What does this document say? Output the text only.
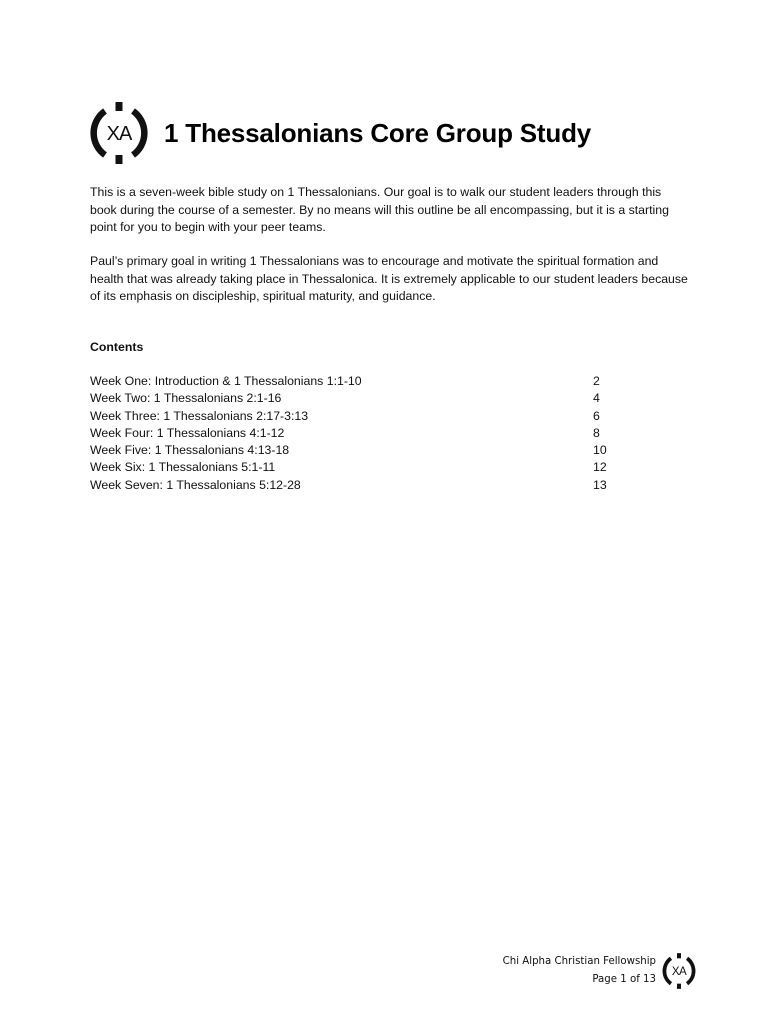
XA 1 Thessalonians Core Group Study

This is a seven-week bible study on 1 Thessalonians. Our goal is to walk our student leaders through this book during the course of a semester. By no means will this outline be all encompassing, but it is a starting point for you to begin with your peer teams.

Paul’s primary goal in writing 1 Thessalonians was to encourage and motivate the spiritual formation and health that was already taking place in Thessalonica. It is extremely applicable to our student leaders because of its emphasis on discipleship, spiritual maturity, and guidance.

Contents
Week One: Introduction & 1 Thessalonians 1:1-10	2
Week Two: 1 Thessalonians 2:1-16	4
Week Three: 1 Thessalonians 2:17-3:13	6
Week Four: 1 Thessalonians 4:1-12	8
Week Five: 1 Thessalonians 4:13-18	10
Week Six: 1 Thessalonians 5:1-11	12
Week Seven: 1 Thessalonians 5:12-28	13
Chi Alpha Christian Fellowship
Page 1 of 13
XA
